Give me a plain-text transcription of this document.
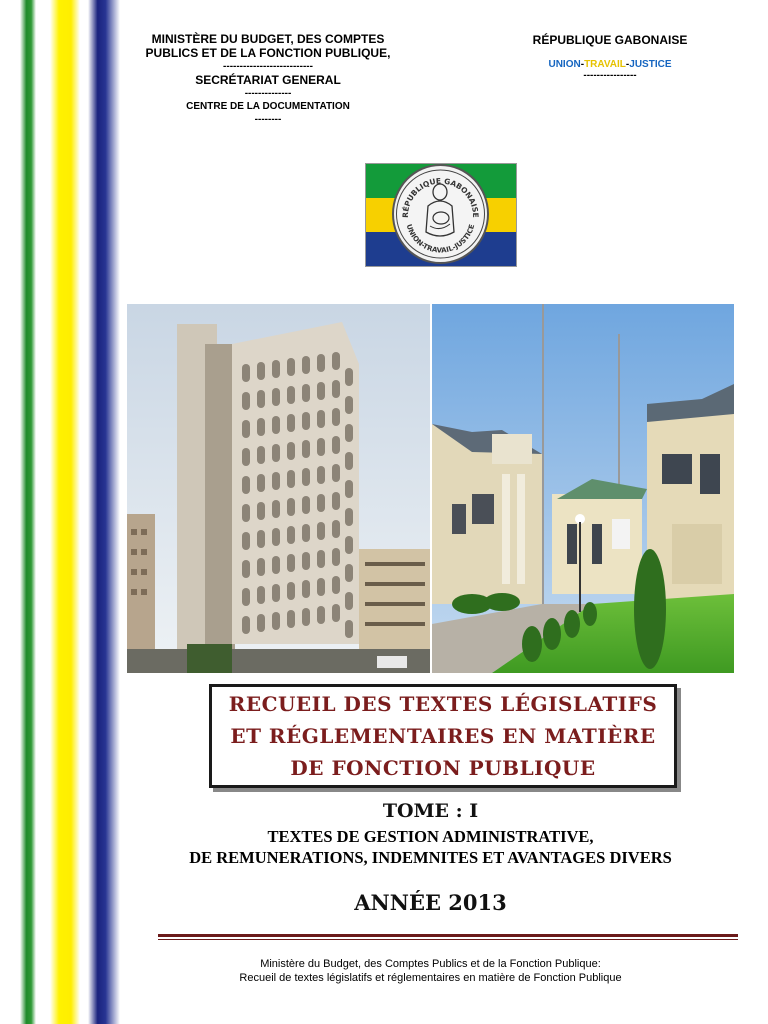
MINISTÈRE DU BUDGET, DES COMPTES
PUBLICS ET DE LA FONCTION PUBLIQUE,
---------------------------
SECRÉTARIAT GENERAL
--------------
CENTRE DE LA DOCUMENTATION
--------
RÉPUBLIQUE GABONAISE
UNION-TRAVAIL-JUSTICE
----------------
RÉPUBLIQUE GABONAISE
UNION-TRAVAIL-JUSTICE
RECUEIL DES TEXTES LÉGISLATIFS
ET RÉGLEMENTAIRES EN MATIÈRE
DE FONCTION PUBLIQUE
TOME : I
TEXTES DE GESTION ADMINISTRATIVE,
DE REMUNERATIONS, INDEMNITES ET AVANTAGES DIVERS
ANNÉE 2013
Ministère du Budget, des Comptes Publics et de la Fonction Publique:
Recueil de textes législatifs et réglementaires en matière de Fonction Publique
